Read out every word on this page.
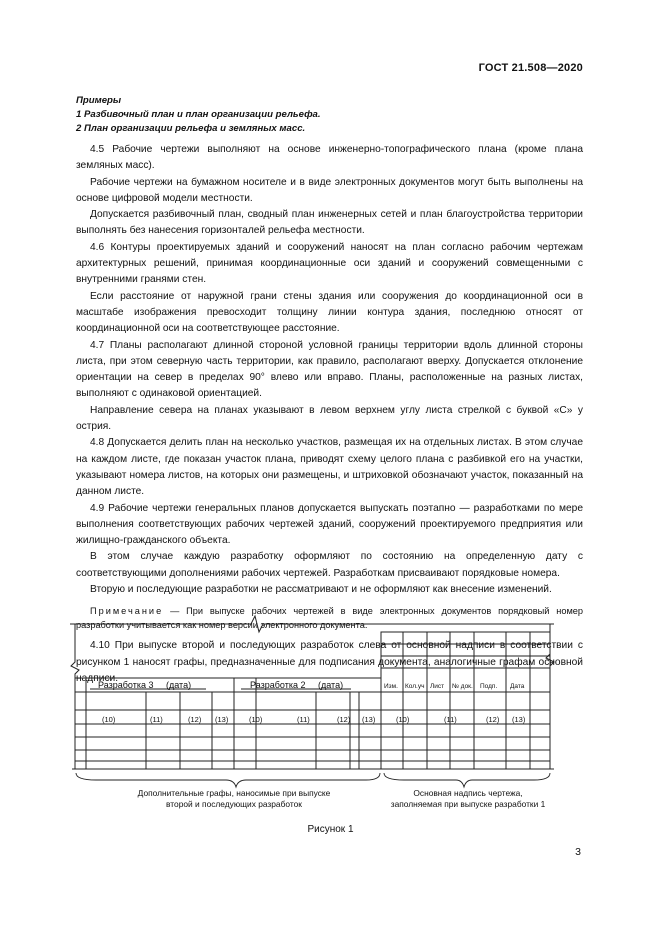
ГОСТ 21.508—2020
Примеры
1 Разбивочный план и план организации рельефа.
2 План организации рельефа и земляных масс.

4.5 Рабочие чертежи выполняют на основе инженерно-топографического плана (кроме плана земляных масс).

Рабочие чертежи на бумажном носителе и в виде электронных документов могут быть выполнены на основе цифровой модели местности.

Допускается разбивочный план, сводный план инженерных сетей и план благоустройства территории выполнять без нанесения горизонталей рельефа местности.

4.6 Контуры проектируемых зданий и сооружений наносят на план согласно рабочим чертежам архитектурных решений, принимая координационные оси зданий и сооружений совмещенными с внутренними гранями стен.

Если расстояние от наружной грани стены здания или сооружения до координационной оси в масштабе изображения превосходит толщину линии контура здания, последнюю относят от координационной оси на соответствующее расстояние.

4.7 Планы располагают длинной стороной условной границы территории вдоль длинной стороны листа, при этом северную часть территории, как правило, располагают вверху. Допускается отклонение ориентации на север в пределах 90° влево или вправо. Планы, расположенные на разных листах, выполняют с одинаковой ориентацией.

Направление севера на планах указывают в левом верхнем углу листа стрелкой с буквой «С» у острия.

4.8 Допускается делить план на несколько участков, размещая их на отдельных листах. В этом случае на каждом листе, где показан участок плана, приводят схему целого плана с разбивкой его на участки, указывают номера листов, на которых они размещены, и штриховкой обозначают участок, показанный на данном листе.

4.9 Рабочие чертежи генеральных планов допускается выпускать поэтапно — разработками по мере выполнения соответствующих рабочих чертежей зданий, сооружений проектируемого предприятия или жилищно-гражданского объекта.

В этом случае каждую разработку оформляют по состоянию на определенную дату с соответствующими дополнениями рабочих чертежей. Разработкам присваивают порядковые номера.

Вторую и последующие разработки не рассматривают и не оформляют как внесение изменений.

Примечание — При выпуске рабочих чертежей в виде электронных документов порядковый номер разработки учитывается как номер версии электронного документа.

4.10 При выпуске второй и последующих разработок слева от основной надписи в соответствии с рисунком 1 наносят графы, предназначенные для подписания документа, аналогичные графам основной надписи.

Разработка 3 (дата)	Разработка 2 (дата)	Изм. Кол.уч Лист № док. Подп. Дата
(10)	(11)	(12) (13)	(10)	(11)	(12) (13)	(10)	(11)	(12) (13)
Дополнительные графы, наносимые при выпуске
второй и последующих разработок
Основная надпись чертежа,
заполняемая при выпуске разработки 1
Рисунок 1
3
